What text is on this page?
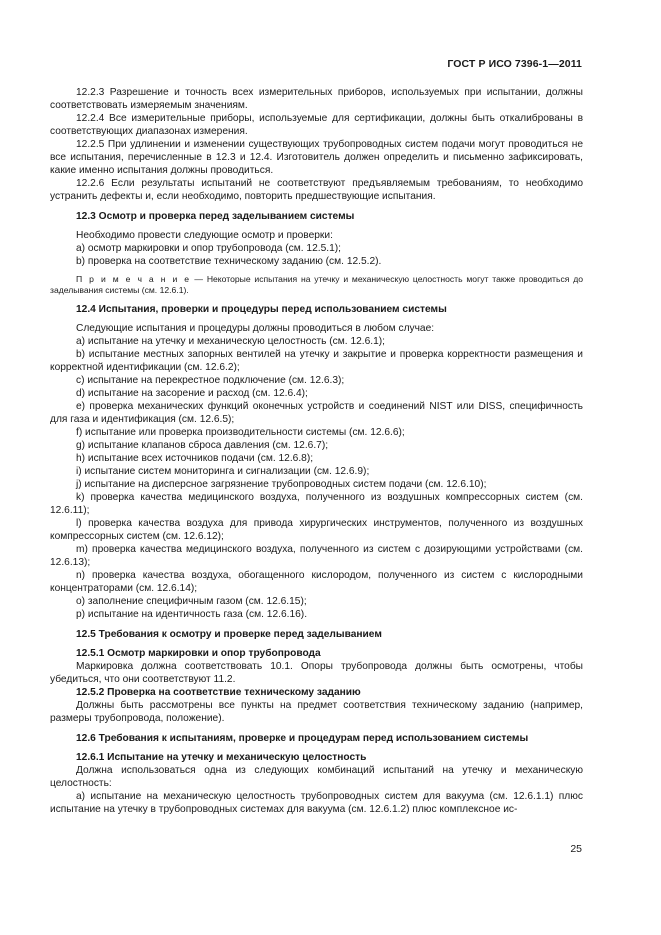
ГОСТ Р ИСО 7396-1—2011

12.2.3 Разрешение и точность всех измерительных приборов, используемых при испытании, должны соответствовать измеряемым значениям.

12.2.4 Все измерительные приборы, используемые для сертификации, должны быть откалиброваны в соответствующих диапазонах измерения.

12.2.5 При удлинении и изменении существующих трубопроводных систем подачи могут проводиться не все испытания, перечисленные в 12.3 и 12.4. Изготовитель должен определить и письменно зафиксировать, какие именно испытания должны проводиться.

12.2.6 Если результаты испытаний не соответствуют предъявляемым требованиям, то необходимо устранить дефекты и, если необходимо, повторить предшествующие испытания.

12.3 Осмотр и проверка перед заделыванием системы

Необходимо провести следующие осмотр и проверки:

a) осмотр маркировки и опор трубопровода (см. 12.5.1);

b) проверка на соответствие техническому заданию (см. 12.5.2).

П р и м е ч а н и е — Некоторые испытания на утечку и механическую целостность могут также проводиться до заделывания системы (см. 12.6.1).

12.4 Испытания, проверки и процедуры перед использованием системы

Следующие испытания и процедуры должны проводиться в любом случае:

a) испытание на утечку и механическую целостность (см. 12.6.1);

b) испытание местных запорных вентилей на утечку и закрытие и проверка корректности размещения и корректной идентификации (см. 12.6.2);

c) испытание на перекрестное подключение (см. 12.6.3);

d) испытание на засорение и расход (см. 12.6.4);

e) проверка механических функций оконечных устройств и соединений NIST или DISS, специфичность для газа и идентификация (см. 12.6.5);

f) испытание или проверка производительности системы (см. 12.6.6);

g) испытание клапанов сброса давления (см. 12.6.7);

h) испытание всех источников подачи (см. 12.6.8);

i) испытание систем мониторинга и сигнализации (см. 12.6.9);

j) испытание на дисперсное загрязнение трубопроводных систем подачи (см. 12.6.10);

k) проверка качества медицинского воздуха, полученного из воздушных компрессорных систем (см. 12.6.11);

l) проверка качества воздуха для привода хирургических инструментов, полученного из воздушных компрессорных систем (см. 12.6.12);

m) проверка качества медицинского воздуха, полученного из систем с дозирующими устройствами (см. 12.6.13);

n) проверка качества воздуха, обогащенного кислородом, полученного из систем с кислородными концентраторами (см. 12.6.14);

o) заполнение специфичным газом (см. 12.6.15);

p) испытание на идентичность газа (см. 12.6.16).

12.5 Требования к осмотру и проверке перед заделыванием

12.5.1 Осмотр маркировки и опор трубопровода

Маркировка должна соответствовать 10.1. Опоры трубопровода должны быть осмотрены, чтобы убедиться, что они соответствуют 11.2.

12.5.2 Проверка на соответствие техническому заданию

Должны быть рассмотрены все пункты на предмет соответствия техническому заданию (например, размеры трубопровода, положение).

12.6 Требования к испытаниям, проверке и процедурам перед использованием системы

12.6.1 Испытание на утечку и механическую целостность

Должна использоваться одна из следующих комбинаций испытаний на утечку и механическую целостность:

a) испытание на механическую целостность трубопроводных систем для вакуума (см. 12.6.1.1) плюс испытание на утечку в трубопроводных системах для вакуума (см. 12.6.1.2) плюс комплексное ис-

25
